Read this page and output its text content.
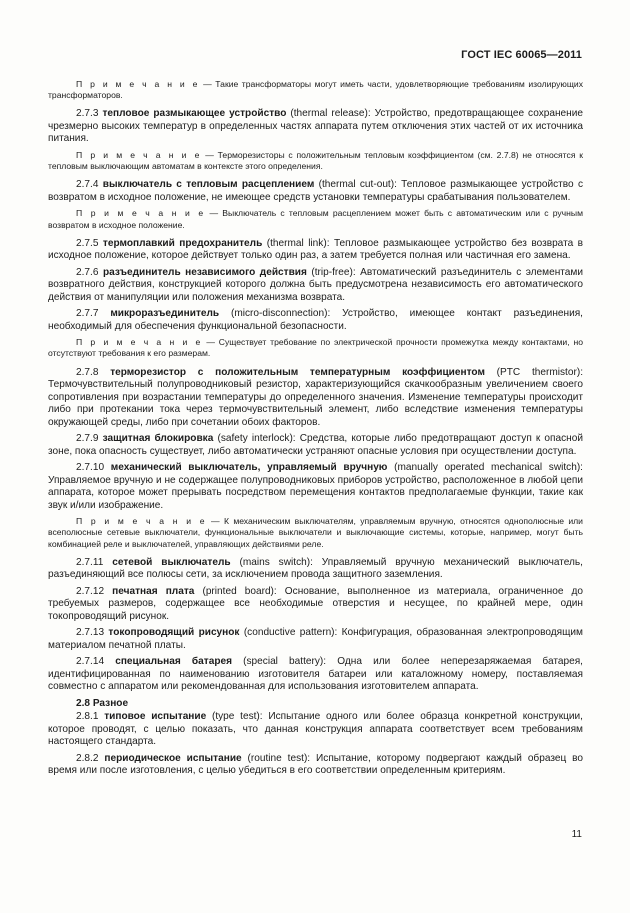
ГОСТ IEC 60065—2011

П р и м е ч а н и е — Такие трансформаторы могут иметь части, удовлетворяющие требованиям изолирующих трансформаторов.

2.7.3 тепловое размыкающее устройство (thermal release): Устройство, предотвращающее сохранение чрезмерно высоких температур в определенных частях аппарата путем отключения этих частей от их источника питания.

П р и м е ч а н и е — Терморезисторы с положительным тепловым коэффициентом (см. 2.7.8) не относятся к тепловым выключающим автоматам в контексте этого определения.

2.7.4 выключатель с тепловым расцеплением (thermal cut-out): Тепловое размыкающее устройство с возвратом в исходное положение, не имеющее средств установки температуры срабатывания пользователем.

П р и м е ч а н и е — Выключатель с тепловым расцеплением может быть с автоматическим или с ручным возвратом в исходное положение.

2.7.5 термоплавкий предохранитель (thermal link): Тепловое размыкающее устройство без возврата в исходное положение, которое действует только один раз, а затем требуется полная или частичная его замена.

2.7.6 разъединитель независимого действия (trip-free): Автоматический разъединитель с элементами возвратного действия, конструкцией которого должна быть предусмотрена независимость его автоматического действия от манипуляции или положения механизма возврата.

2.7.7 микроразъединитель (micro-disconnection): Устройство, имеющее контакт разъединения, необходимый для обеспечения функциональной безопасности.

П р и м е ч а н и е — Существует требование по электрической прочности промежутка между контактами, но отсутствуют требования к его размерам.

2.7.8 терморезистор с положительным температурным коэффициентом (PTC thermistor): Термочувствительный полупроводниковый резистор, характеризующийся скачкообразным увеличением своего сопротивления при возрастании температуры до определенного значения. Изменение температуры происходит либо при протекании тока через термочувствительный элемент, либо вследствие изменения температуры окружающей среды, либо при сочетании обоих факторов.

2.7.9 защитная блокировка (safety interlock): Средства, которые либо предотвращают доступ к опасной зоне, пока опасность существует, либо автоматически устраняют опасные условия при осуществлении доступа.

2.7.10 механический выключатель, управляемый вручную (manually operated mechanical switch): Управляемое вручную и не содержащее полупроводниковых приборов устройство, расположенное в любой цепи аппарата, которое может прерывать посредством перемещения контактов предполагаемые функции, такие как звук и/или изображение.

П р и м е ч а н и е — К механическим выключателям, управляемым вручную, относятся однополюсные или всеполюсные сетевые выключатели, функциональные выключатели и выключающие системы, которые, например, могут быть комбинацией реле и выключателей, управляющих действиями реле.

2.7.11 сетевой выключатель (mains switch): Управляемый вручную механический выключатель, разъединяющий все полюсы сети, за исключением провода защитного заземления.

2.7.12 печатная плата (printed board): Основание, выполненное из материала, ограниченное до требуемых размеров, содержащее все необходимые отверстия и несущее, по крайней мере, один токопроводящий рисунок.

2.7.13 токопроводящий рисунок (conductive pattern): Конфигурация, образованная электропроводящим материалом печатной платы.

2.7.14 специальная батарея (special battery): Одна или более неперезаряжаемая батарея, идентифицированная по наименованию изготовителя батареи или каталожному номеру, поставляемая совместно с аппаратом или рекомендованная для использования изготовителем аппарата.

2.8 Разное

2.8.1 типовое испытание (type test): Испытание одного или более образца конкретной конструкции, которое проводят, с целью показать, что данная конструкция аппарата соответствует всем требованиям настоящего стандарта.

2.8.2 периодическое испытание (routine test): Испытание, которому подвергают каждый образец во время или после изготовления, с целью убедиться в его соответствии определенным критериям.

11
